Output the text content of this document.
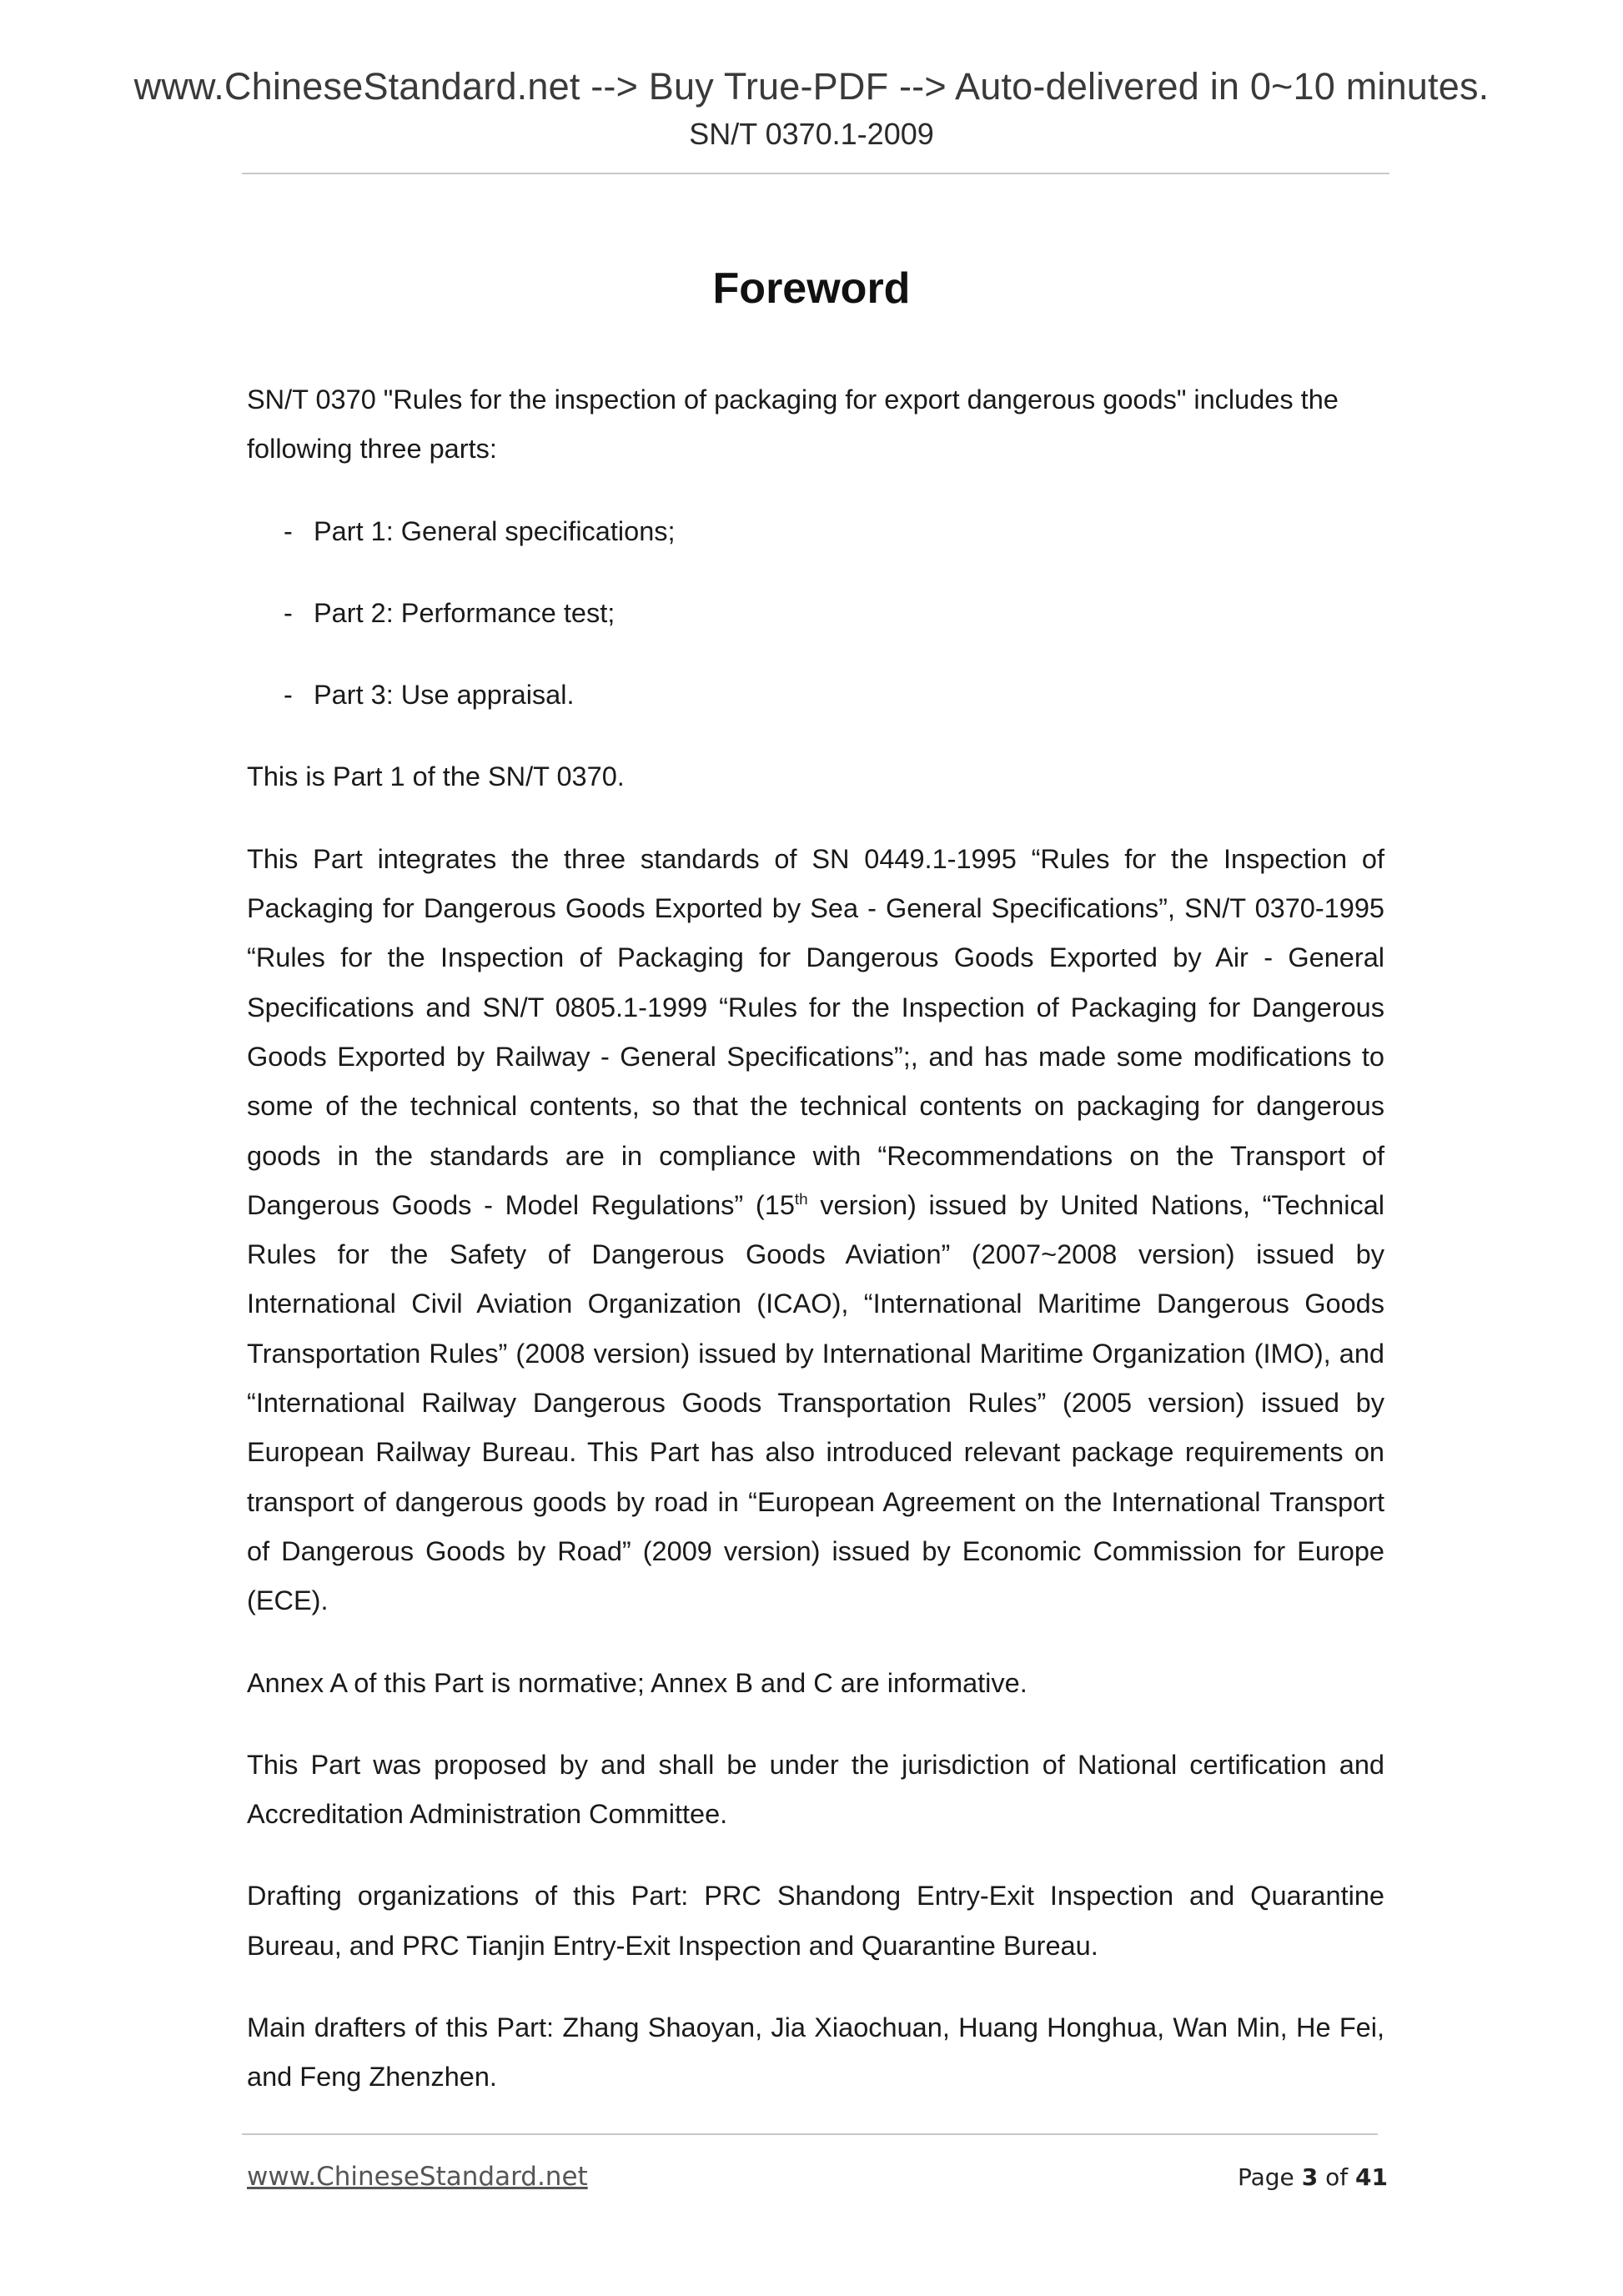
www.ChineseStandard.net --> Buy True-PDF --> Auto-delivered in 0~10 minutes.
SN/T 0370.1-2009
Foreword

SN/T 0370 "Rules for the inspection of packaging for export dangerous goods" includes the following three parts:

- Part 1: General specifications;
- Part 2: Performance test;
- Part 3: Use appraisal.

This is Part 1 of the SN/T 0370.

This Part integrates the three standards of SN 0449.1-1995 “Rules for the Inspection of Packaging for Dangerous Goods Exported by Sea - General Specifications”, SN/T 0370-1995 “Rules for the Inspection of Packaging for Dangerous Goods Exported by Air - General Specifications and SN/T 0805.1-1999 “Rules for the Inspection of Packaging for Dangerous Goods Exported by Railway - General Specifications”;, and has made some modifications to some of the technical contents, so that the technical contents on packaging for dangerous goods in the standards are in compliance with “Recommendations on the Transport of Dangerous Goods - Model Regulations” (15th version) issued by United Nations, “Technical Rules for the Safety of Dangerous Goods Aviation” (2007~2008 version) issued by International Civil Aviation Organization (ICAO), “International Maritime Dangerous Goods Transportation Rules” (2008 version) issued by International Maritime Organization (IMO), and “International Railway Dangerous Goods Transportation Rules” (2005 version) issued by European Railway Bureau. This Part has also introduced relevant package requirements on transport of dangerous goods by road in “European Agreement on the International Transport of Dangerous Goods by Road” (2009 version) issued by Economic Commission for Europe (ECE).

Annex A of this Part is normative; Annex B and C are informative.

This Part was proposed by and shall be under the jurisdiction of National certification and Accreditation Administration Committee.

Drafting organizations of this Part: PRC Shandong Entry-Exit Inspection and Quarantine Bureau, and PRC Tianjin Entry-Exit Inspection and Quarantine Bureau.

Main drafters of this Part: Zhang Shaoyan, Jia Xiaochuan, Huang Honghua, Wan Min, He Fei, and Feng Zhenzhen.

www.ChineseStandard.net	Page 3 of 41
